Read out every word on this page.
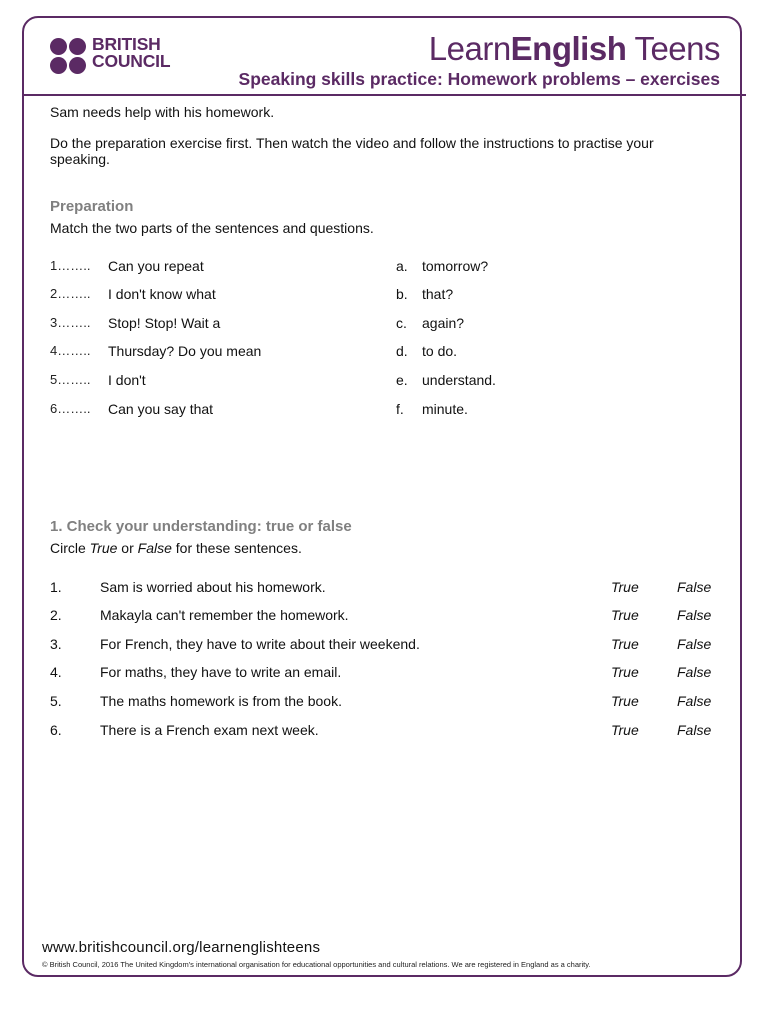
BRITISH
COUNCIL	LearnEnglish Teens
Speaking skills practice: Homework problems – exercises
Sam needs help with his homework.
Do the preparation exercise first. Then watch the video and follow the instructions to practise your speaking.
Preparation
Match the two parts of the sentences and questions.
1…….. Can you repeat	a. tomorrow?
2…….. I don't know what	b. that?
3…….. Stop! Stop! Wait a	c. again?
4…….. Thursday? Do you mean	d. to do.
5…….. I don't	e. understand.
6…….. Can you say that	f. minute.
1. Check your understanding: true or false
Circle True or False for these sentences.
1.	Sam is worried about his homework.	True	False
2.	Makayla can't remember the homework.	True	False
3.	For French, they have to write about their weekend.	True	False
4.	For maths, they have to write an email.	True	False
5.	The maths homework is from the book.	True	False
6.	There is a French exam next week.	True	False
www.britishcouncil.org/learnenglishteens
© British Council, 2016 The United Kingdom's international organisation for educational opportunities and cultural relations. We are registered in England as a charity.
